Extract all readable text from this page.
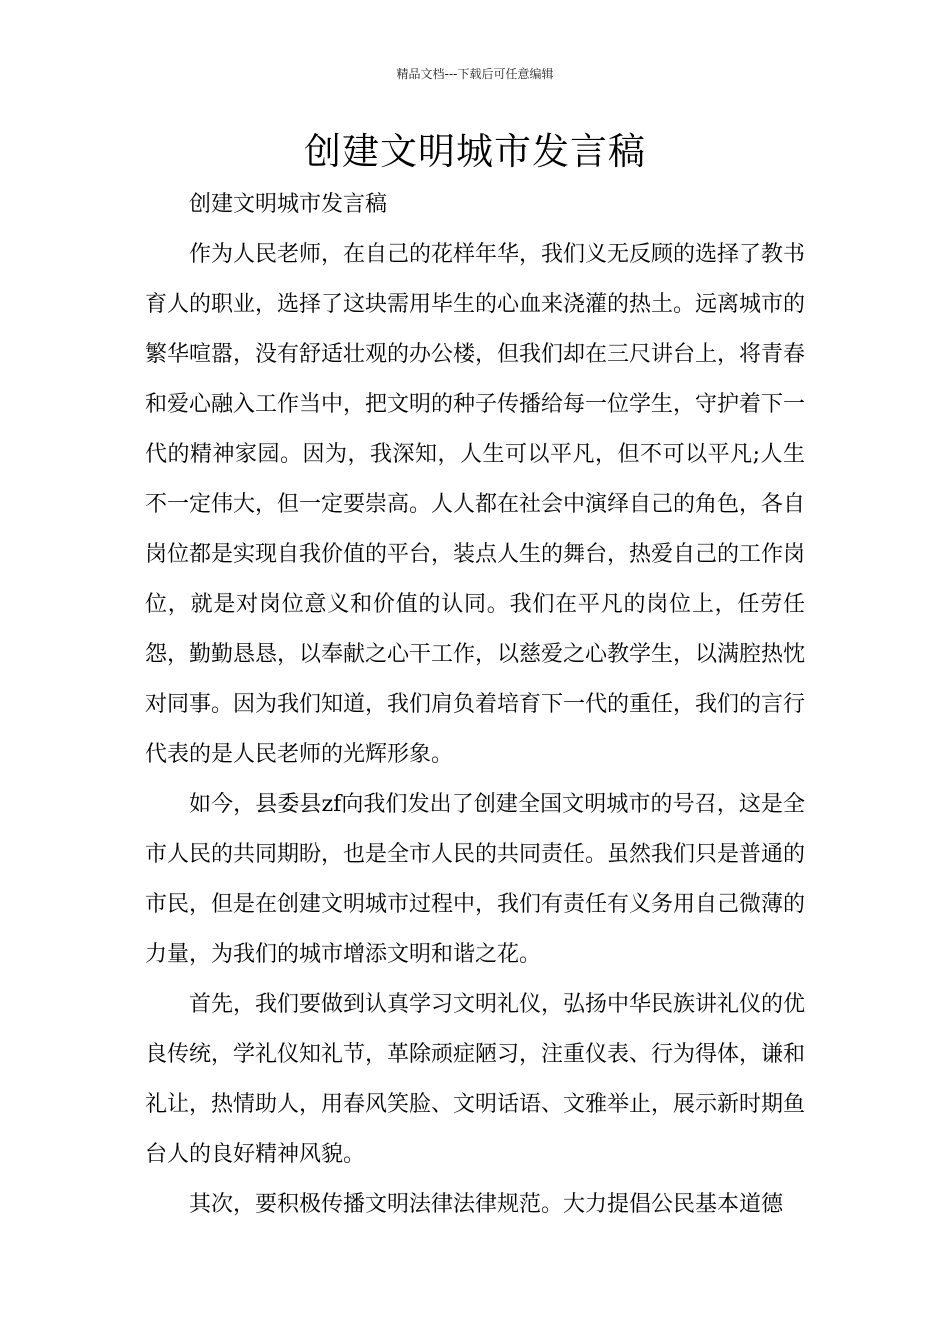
精品文档---下载后可任意编辑
创建文明城市发言稿

创建文明城市发言稿

作为人民老师，在自己的花样年华，我们义无反顾的选择了教书育人的职业，选择了这块需用毕生的心血来浇灌的热土。远离城市的繁华喧嚣，没有舒适壮观的办公楼，但我们却在三尺讲台上，将青春和爱心融入工作当中，把文明的种子传播给每一位学生，守护着下一代的精神家园。因为，我深知，人生可以平凡，但不可以平凡;人生不一定伟大，但一定要崇高。人人都在社会中演绎自己的角色，各自岗位都是实现自我价值的平台，装点人生的舞台，热爱自己的工作岗位，就是对岗位意义和价值的认同。我们在平凡的岗位上，任劳任怨，勤勤恳恳，以奉献之心干工作，以慈爱之心教学生，以满腔热忱对同事。因为我们知道，我们肩负着培育下一代的重任，我们的言行代表的是人民老师的光辉形象。

如今，县委县zf向我们发出了创建全国文明城市的号召，这是全市人民的共同期盼，也是全市人民的共同责任。虽然我们只是普通的市民，但是在创建文明城市过程中，我们有责任有义务用自己微薄的力量，为我们的城市增添文明和谐之花。

首先，我们要做到认真学习文明礼仪，弘扬中华民族讲礼仪的优良传统，学礼仪知礼节，革除顽症陋习，注重仪表、行为得体，谦和礼让，热情助人，用春风笑脸、文明话语、文雅举止，展示新时期鱼台人的良好精神风貌。

其次，要积极传播文明法律法律规范。大力提倡公民基本道德
